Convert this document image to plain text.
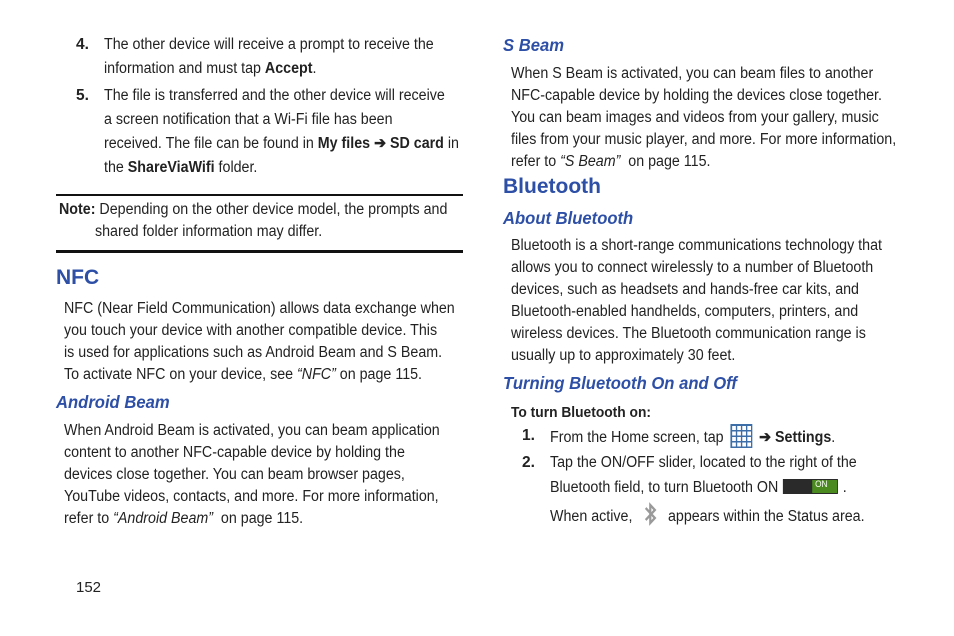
4. The other device will receive a prompt to receive the
information and must tap Accept.
5. The file is transferred and the other device will receive
a screen notification that a Wi-Fi file has been
received. The file can be found in My files ➔ SD card in
the ShareViaWifi folder.
Note: Depending on the other device model, the prompts and
shared folder information may differ.
NFC
NFC (Near Field Communication) allows data exchange when
you touch your device with another compatible device. This
is used for applications such as Android Beam and S Beam.
To activate NFC on your device, see “NFC” on page 115.
Android Beam
When Android Beam is activated, you can beam application
content to another NFC-capable device by holding the
devices close together. You can beam browser pages,
YouTube videos, contacts, and more. For more information,
refer to “Android Beam”  on page 115.
152
S Beam
When S Beam is activated, you can beam files to another
NFC-capable device by holding the devices close together.
You can beam images and videos from your gallery, music
files from your music player, and more. For more information,
refer to “S Beam”  on page 115.
Bluetooth
About Bluetooth
Bluetooth is a short-range communications technology that
allows you to connect wirelessly to a number of Bluetooth
devices, such as headsets and hands-free car kits, and
Bluetooth-enabled handhelds, computers, printers, and
wireless devices. The Bluetooth communication range is
usually up to approximately 30 feet.
Turning Bluetooth On and Off
To turn Bluetooth on:
1. From the Home screen, tap  ➔ Settings.
2. Tap the ON/OFF slider, located to the right of the
Bluetooth field, to turn Bluetooth ON	ON .
When active,  appears within the Status area.
